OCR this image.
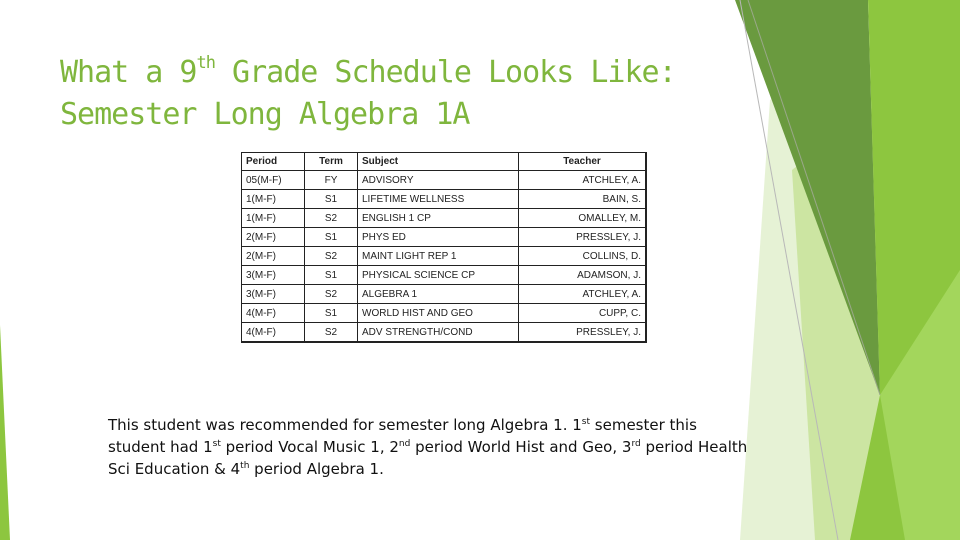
What a 9th Grade Schedule Looks Like:
Semester Long Algebra 1A
Period	Term	Subject	Teacher
05(M-F)	FY	ADVISORY	ATCHLEY, A.
1(M-F)	S1	LIFETIME WELLNESS	BAIN, S.
1(M-F)	S2	ENGLISH 1 CP	OMALLEY, M.
2(M-F)	S1	PHYS ED	PRESSLEY, J.
2(M-F)	S2	MAINT LIGHT REP 1	COLLINS, D.
3(M-F)	S1	PHYSICAL SCIENCE CP	ADAMSON, J.
3(M-F)	S2	ALGEBRA 1	ATCHLEY, A.
4(M-F)	S1	WORLD HIST AND GEO	CUPP, C.
4(M-F)	S2	ADV STRENGTH/COND	PRESSLEY, J.
This student was recommended for semester long Algebra 1. 1st semester this student had 1st period Vocal Music 1, 2nd period World Hist and Geo, 3rd period Health Sci Education & 4th period Algebra 1.
